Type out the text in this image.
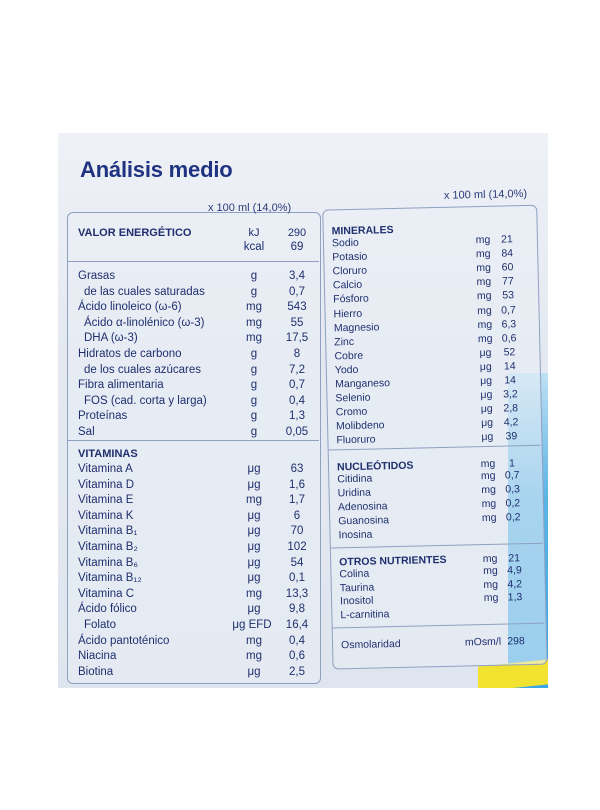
Análisis medio
x 100 ml (14,0%)
VALOR ENERGÉTICO	kJ	290
kcal	69
Grasas	g	3,4
de las cuales saturadas	g	0,7
Ácido linoleico (ω-6)	mg	543
Ácido α-linolénico (ω-3)	mg	55
DHA (ω-3)	mg	17,5
Hidratos de carbono	g	8
de los cuales azúcares	g	7,2
Fibra alimentaria	g	0,7
FOS (cad. corta y larga)	g	0,4
Proteínas	g	1,3
Sal	g	0,05
VITAMINAS
Vitamina A	μg	63
Vitamina D	μg	1,6
Vitamina E	mg	1,7
Vitamina K	μg	6
Vitamina B₁	μg	70
Vitamina B₂	μg	102
Vitamina B₆	μg	54
Vitamina B₁₂	μg	0,1
Vitamina C	mg	13,3
Ácido fólico	μg	9,8
Folato	μg EFD	16,4
Ácido pantoténico	mg	0,4
Niacina	mg	0,6
Biotina	μg	2,5
x 100 ml (14,0%)
MINERALES
Sodio	mg	21
Potasio	mg	84
Cloruro	mg	60
Calcio	mg	77
Fósforo	mg	53
Hierro	mg 0,7
Magnesio	mg 6,3
Zinc	mg 0,6
Cobre	μg	52
Yodo	μg	14
Manganeso	μg	14
Selenio	μg 3,2
Cromo	μg 2,8
Molibdeno	μg 4,2
Fluoruro	μg	39
NUCLEÓTIDOS	mg	1
Citidina	mg 0,7
Uridina	mg 0,3
Adenosina	mg 0,2
Guanosina	mg 0,2
Inosina
OTROS NUTRIENTES	mg	21
Colina	mg 4,9
Taurina	mg 4,2
Inositol	mg 1,3
L-carnitina
Osmolaridad	mOsm/l 298
